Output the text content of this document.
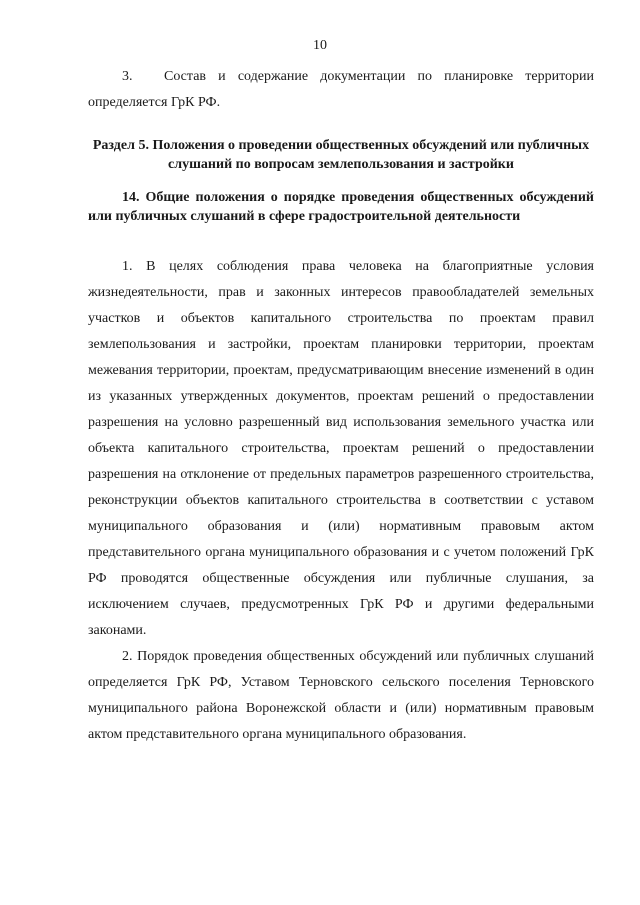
10
3. Состав и содержание документации по планировке территории определяется ГрК РФ.
Раздел 5. Положения о проведении общественных обсуждений или публичных слушаний по вопросам землепользования и застройки
14. Общие положения о порядке проведения общественных обсуждений или публичных слушаний в сфере градостроительной деятельности
1. В целях соблюдения права человека на благоприятные условия жизнедеятельности, прав и законных интересов правообладателей земельных участков и объектов капитального строительства по проектам правил землепользования и застройки, проектам планировки территории, проектам межевания территории, проектам, предусматривающим внесение изменений в один из указанных утвержденных документов, проектам решений о предоставлении разрешения на условно разрешенный вид использования земельного участка или объекта капитального строительства, проектам решений о предоставлении разрешения на отклонение от предельных параметров разрешенного строительства, реконструкции объектов капитального строительства в соответствии с уставом муниципального образования и (или) нормативным правовым актом представительного органа муниципального образования и с учетом положений ГрК РФ проводятся общественные обсуждения или публичные слушания, за исключением случаев, предусмотренных ГрК РФ и другими федеральными законами.
2. Порядок проведения общественных обсуждений или публичных слушаний определяется ГрК РФ, Уставом Терновского сельского поселения Терновского муниципального района Воронежской области и (или) нормативным правовым актом представительного органа муниципального образования.
